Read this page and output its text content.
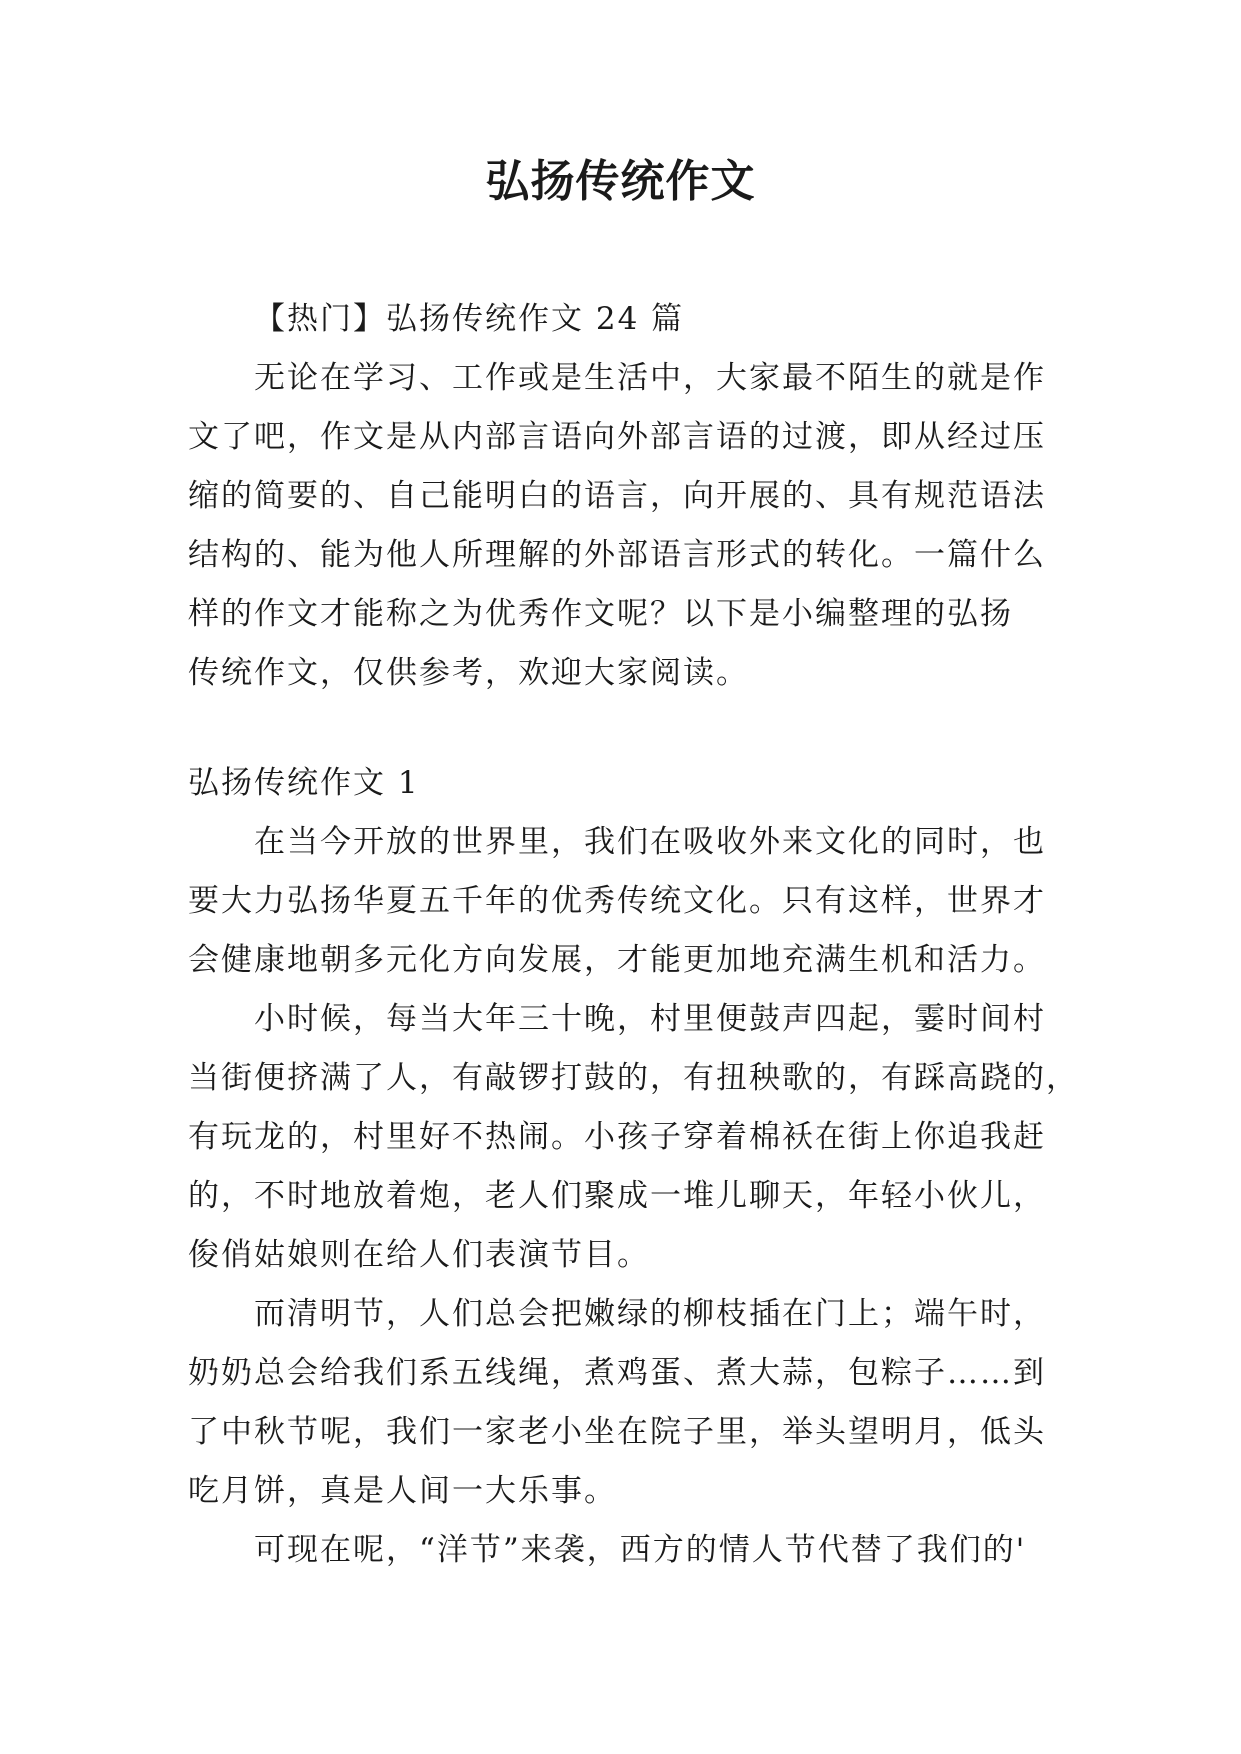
弘扬传统作文
【热门】弘扬传统作文 24 篇
无论在学习、工作或是生活中，大家最不陌生的就是作
文了吧，作文是从内部言语向外部言语的过渡，即从经过压
缩的简要的、自己能明白的语言，向开展的、具有规范语法
结构的、能为他人所理解的外部语言形式的转化。一篇什么
样的作文才能称之为优秀作文呢？以下是小编整理的弘扬
传统作文，仅供参考，欢迎大家阅读。
弘扬传统作文 1
在当今开放的世界里，我们在吸收外来文化的同时，也
要大力弘扬华夏五千年的优秀传统文化。只有这样，世界才
会健康地朝多元化方向发展，才能更加地充满生机和活力。
小时候，每当大年三十晚，村里便鼓声四起，霎时间村
当街便挤满了人，有敲锣打鼓的，有扭秧歌的，有踩高跷的，
有玩龙的，村里好不热闹。小孩子穿着棉袄在街上你追我赶
的，不时地放着炮，老人们聚成一堆儿聊天，年轻小伙儿，
俊俏姑娘则在给人们表演节目。
而清明节，人们总会把嫩绿的柳枝插在门上；端午时，
奶奶总会给我们系五线绳，煮鸡蛋、煮大蒜，包粽子……到
了中秋节呢，我们一家老小坐在院子里，举头望明月，低头
吃月饼，真是人间一大乐事。
可现在呢，“洋节”来袭，西方的情人节代替了我们的'
